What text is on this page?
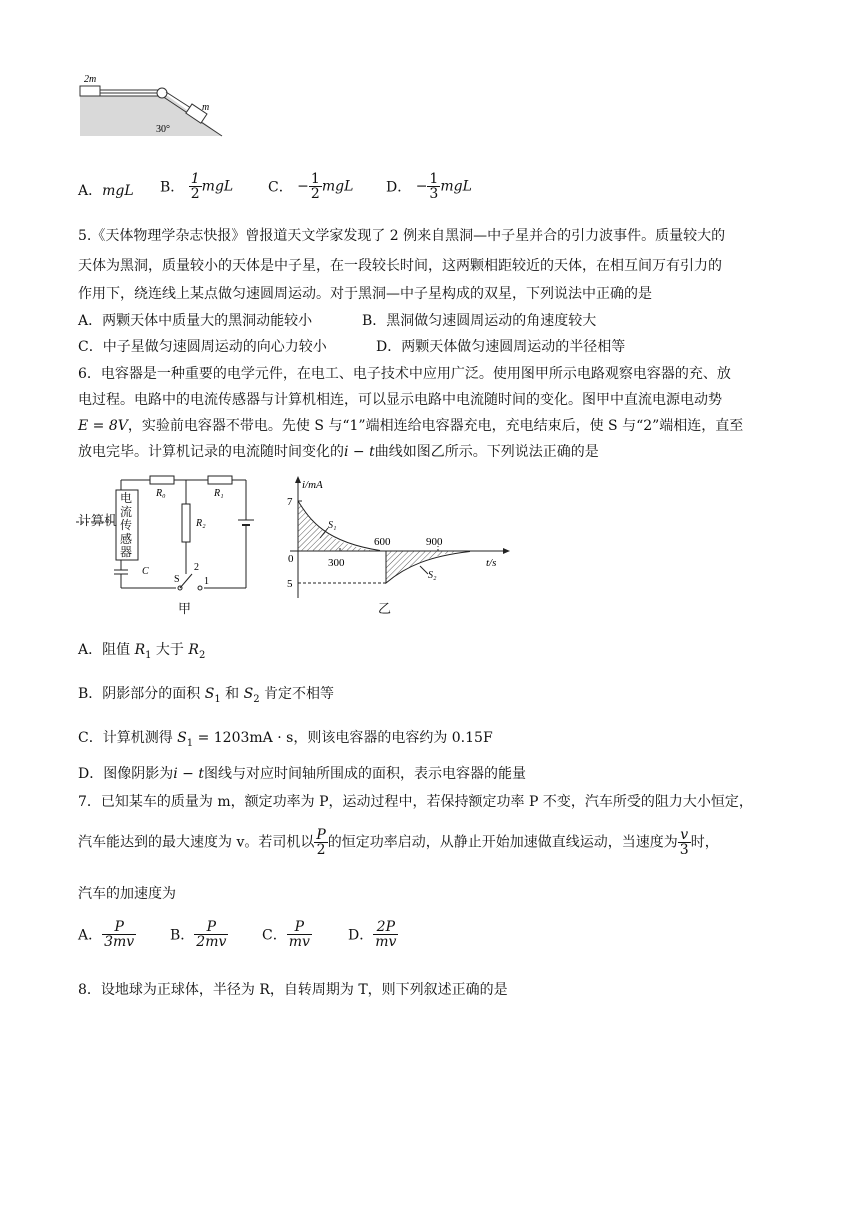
2m
m
30°
A．mgL B． $\frac{1}{2}$ mgL C． − $\frac{1}{2}$ mgL D． − $\frac{1}{3}$ mgL
5.《天体物理学杂志快报》曾报道天文学家发现了 2 例来自黑洞—中子星并合的引力波事件。质量较大的
天体为黑洞，质量较小的天体是中子星，在一段较长时间，这两颗相距较近的天体，在相互间万有引力的
作用下，绕连线上某点做匀速圆周运动。对于黑洞—中子星构成的双星，下列说法中正确的是
A．两颗天体中质量大的黑洞动能较小	B．黑洞做匀速圆周运动的角速度较大
C．中子星做匀速圆周运动的向心力较小	D．两颗天体做匀速圆周运动的半径相等
6．电容器是一种重要的电学元件，在电工、电子技术中应用广泛。使用图甲所示电路观察电容器的充、放
电过程。电路中的电流传感器与计算机相连，可以显示电路中电流随时间的变化。图甲中直流电源电动势
E = 8V，实验前电容器不带电。先使 S 与“1”端相连给电容器充电，充电结束后，使 S 与“2”端相连，直至
放电完毕。计算机记录的电流随时间变化的i − t曲线如图乙所示。下列说法正确的是
R₀	R₁
C
S
2
1
R₂
计算机
电
流
传
感
器
甲
i/mA
t/s
0
7
5
300
600	900
S₁
S₂
乙
A．阻值 $R_1$ 大于 $R_2$
B．阴影部分的面积 $S_1$ 和 $S_2$ 肯定不相等
C．计算机测得 $S_1 = 1203mA \cdot s$，则该电容器的电容约为 0.15F
D．图像阴影为i − t图线与对应时间轴所围成的面积，表示电容器的能量
7．已知某车的质量为 m，额定功率为 P，运动过程中，若保持额定功率 P 不变，汽车所受的阻力大小恒定，
汽车能达到的最大速度为 v。若司机以 $\frac{P}{2}$ 的恒定功率启动，从静止开始加速做直线运动，当速度为 $\frac{v}{3}$ 时，
汽车的加速度为
A． $\frac{P}{3mv}$ B． $\frac{P}{2mv}$ C． $\frac{P}{mv}$	D． $\frac{2P}{mv}$
8．设地球为正球体，半径为 R，自转周期为 T，则下列叙述正确的是
